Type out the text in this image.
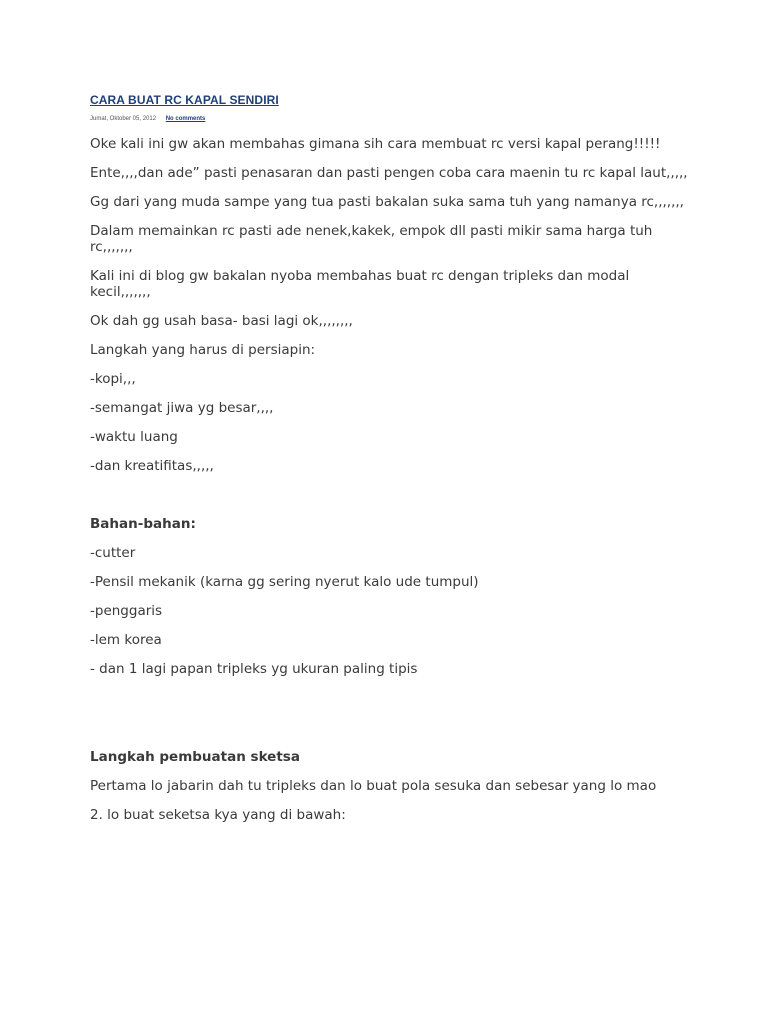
CARA BUAT RC KAPAL SENDIRI
Jumat, Oktober 05, 2012 No comments

Oke kali ini gw akan membahas gimana sih cara membuat rc versi kapal perang!!!!!

Ente,,,,dan ade” pasti penasaran dan pasti pengen coba cara maenin tu rc kapal laut,,,,,

Gg dari yang muda sampe yang tua pasti bakalan suka sama tuh yang namanya rc,,,,,,,

Dalam memainkan rc pasti ade nenek,kakek, empok dll pasti mikir sama harga tuh rc,,,,,,,

Kali ini di blog gw bakalan nyoba membahas buat rc dengan tripleks dan modal kecil,,,,,,,

Ok dah gg usah basa- basi lagi ok,,,,,,,,

Langkah yang harus di persiapin:

-kopi,,,

-semangat jiwa yg besar,,,,

-waktu luang

-dan kreatifitas,,,,,

Bahan-bahan:

-cutter

-Pensil mekanik (karna gg sering nyerut kalo ude tumpul)

-penggaris

-lem korea

- dan 1 lagi papan tripleks yg ukuran paling tipis

Langkah pembuatan sketsa

Pertama lo jabarin dah tu tripleks dan lo buat pola sesuka dan sebesar yang lo mao

2. lo buat seketsa kya yang di bawah:
